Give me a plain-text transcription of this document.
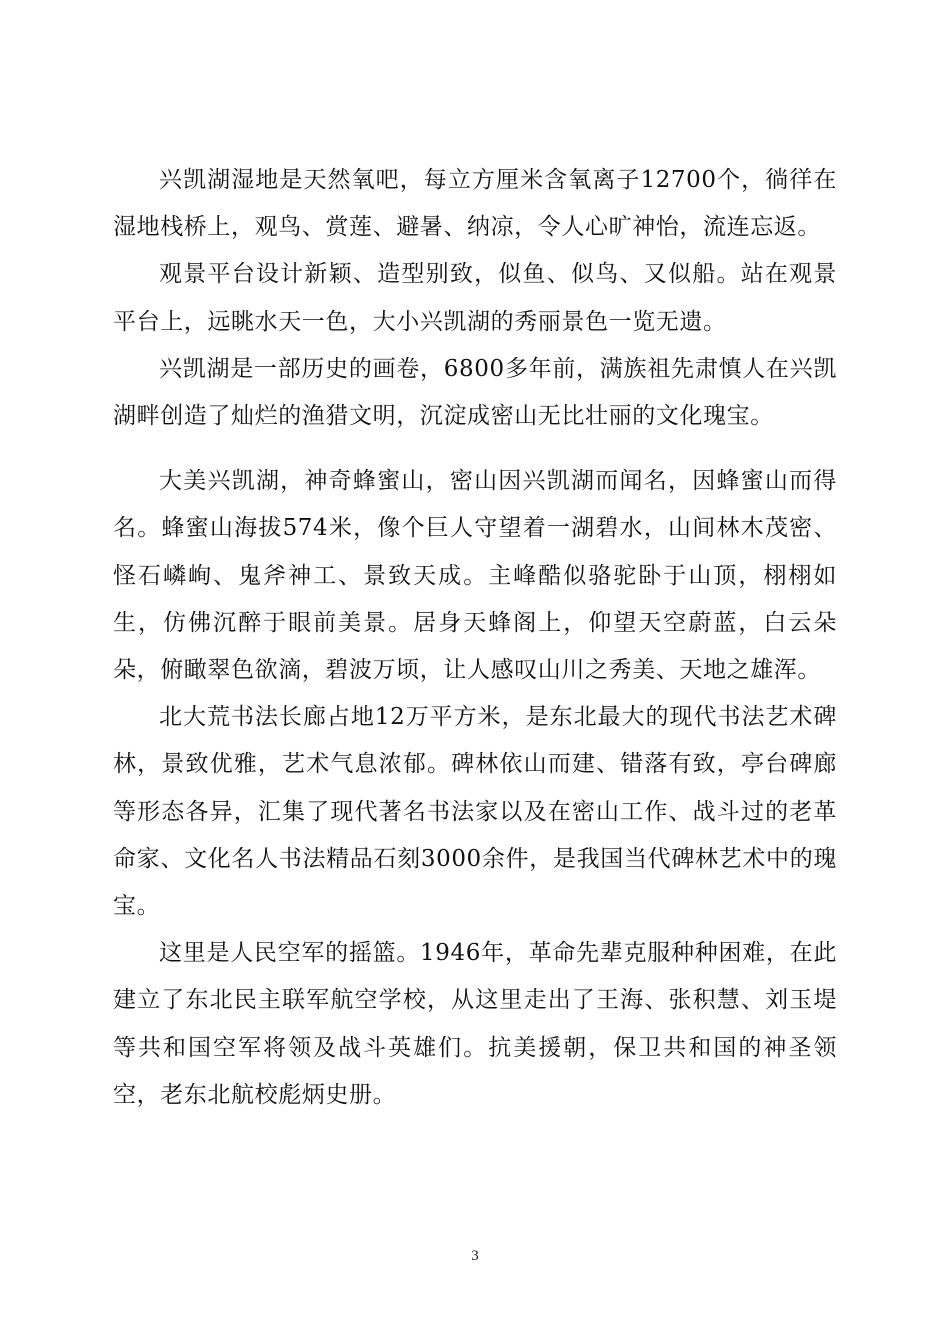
兴凯湖湿地是天然氧吧，每立方厘米含氧离子12700个，徜徉在湿地栈桥上，观鸟、赏莲、避暑、纳凉，令人心旷神怡，流连忘返。

观景平台设计新颖、造型别致，似鱼、似鸟、又似船。站在观景平台上，远眺水天一色，大小兴凯湖的秀丽景色一览无遗。

兴凯湖是一部历史的画卷，6800多年前，满族祖先肃慎人在兴凯湖畔创造了灿烂的渔猎文明，沉淀成密山无比壮丽的文化瑰宝。

大美兴凯湖，神奇蜂蜜山，密山因兴凯湖而闻名，因蜂蜜山而得名。蜂蜜山海拔574米，像个巨人守望着一湖碧水，山间林木茂密、怪石嶙峋、鬼斧神工、景致天成。主峰酷似骆驼卧于山顶，栩栩如生，仿佛沉醉于眼前美景。居身天蜂阁上，仰望天空蔚蓝，白云朵朵，俯瞰翠色欲滴，碧波万顷，让人感叹山川之秀美、天地之雄浑。

北大荒书法长廊占地12万平方米，是东北最大的现代书法艺术碑林，景致优雅，艺术气息浓郁。碑林依山而建、错落有致，亭台碑廊等形态各异，汇集了现代著名书法家以及在密山工作、战斗过的老革命家、文化名人书法精品石刻3000余件，是我国当代碑林艺术中的瑰宝。

这里是人民空军的摇篮。1946年，革命先辈克服种种困难，在此建立了东北民主联军航空学校，从这里走出了王海、张积慧、刘玉堤等共和国空军将领及战斗英雄们。抗美援朝，保卫共和国的神圣领空，老东北航校彪炳史册。

3
